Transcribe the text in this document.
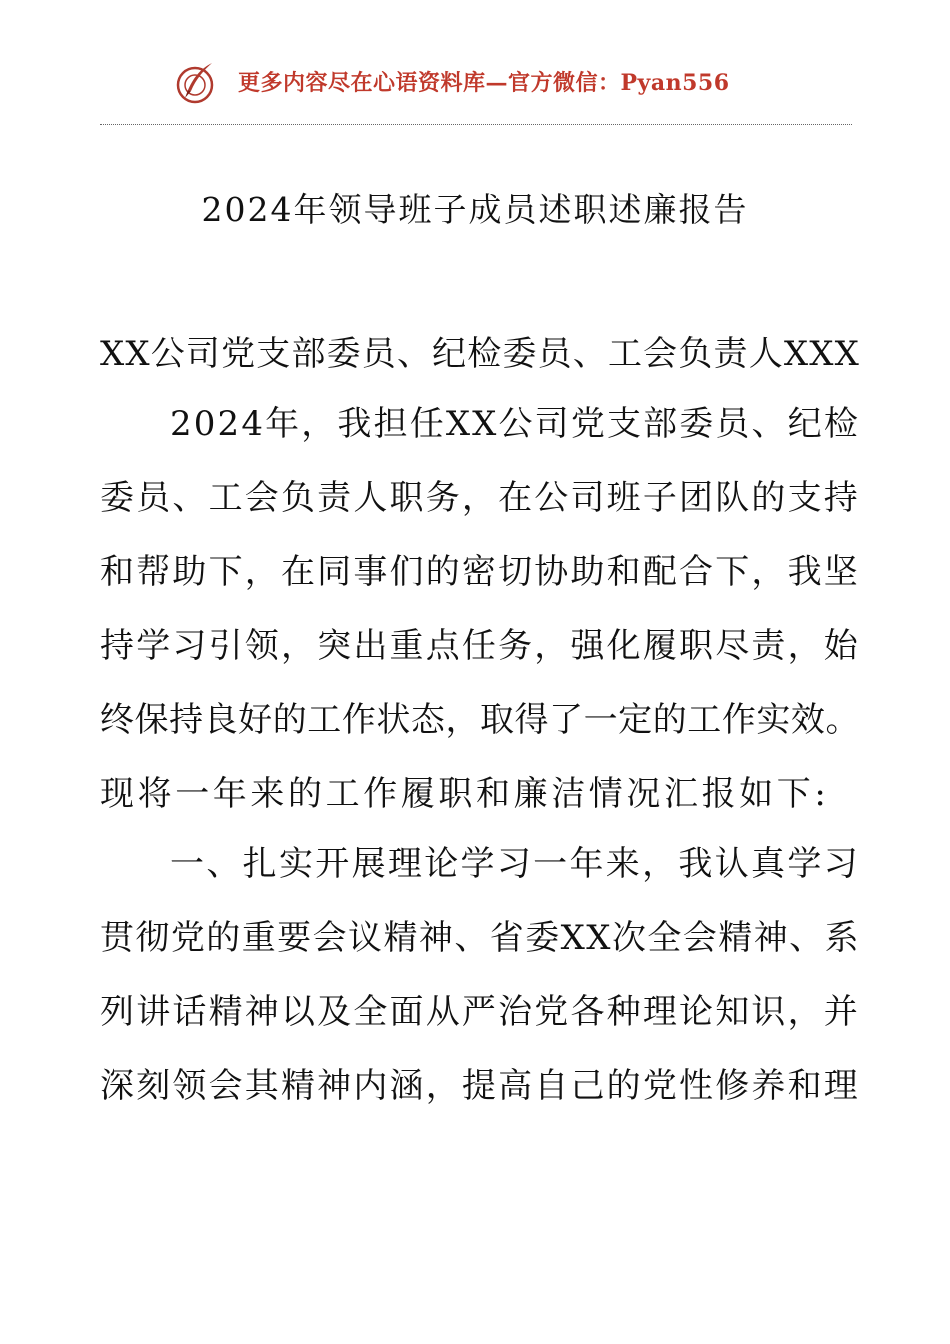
更多内容尽在心语资料库—官方微信：Pyan556
2024年领导班子成员述职述廉报告
XX公司党支部委员、纪检委员、工会负责人XXX
2024年，我担任XX公司党支部委员、纪检
委员、工会负责人职务，在公司班子团队的支持
和帮助下，在同事们的密切协助和配合下，我坚
持学习引领，突出重点任务，强化履职尽责，始
终保持良好的工作状态，取得了一定的工作实效。
现将一年来的工作履职和廉洁情况汇报如下:
一、扎实开展理论学习一年来，我认真学习
贯彻党的重要会议精神、省委XX次全会精神、系
列讲话精神以及全面从严治党各种理论知识，并
深刻领会其精神内涵，提高自己的党性修养和理
